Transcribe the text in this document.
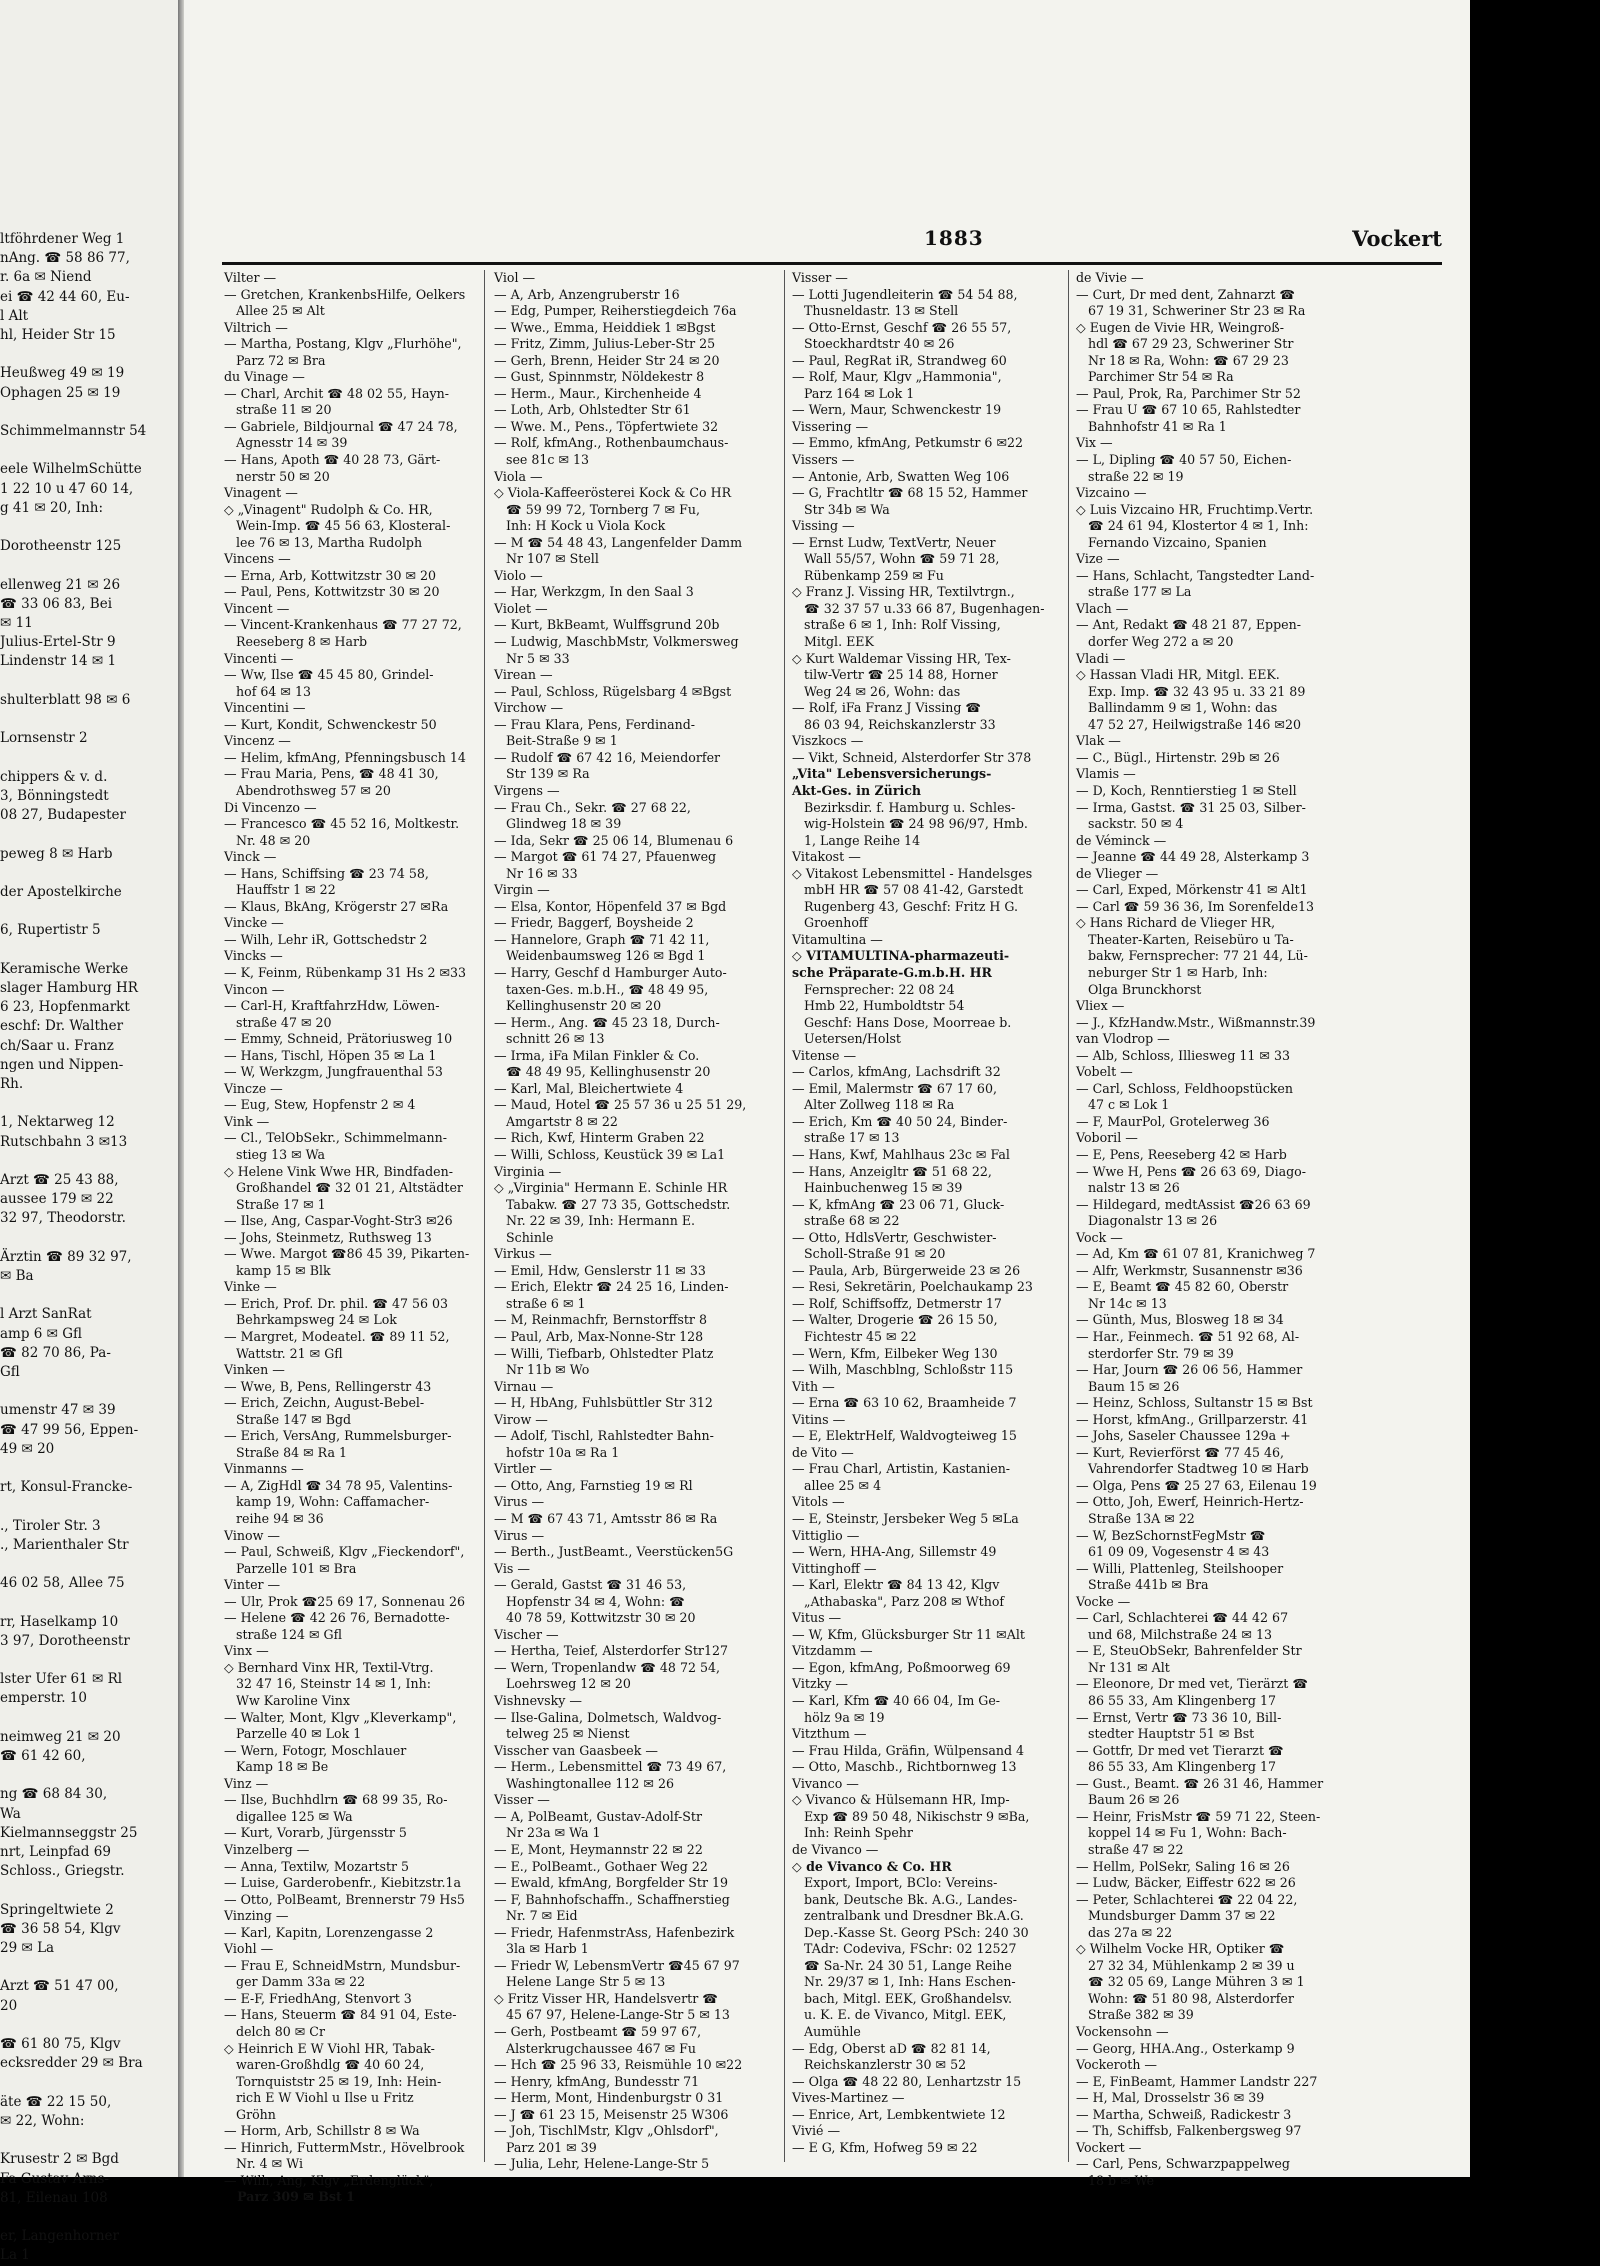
ltföhrdener Weg 1
nAng. ☎ 58 86 77,
r. 6a ✉ Niend
ei ☎ 42 44 60, Eu-
l Alt
hl, Heider Str 15

Heußweg 49 ✉ 19
Ophagen 25 ✉ 19

Schimmelmannstr 54

eele WilhelmSchütte
1 22 10 u 47 60 14,
g 41 ✉ 20, Inh:

Dorotheenstr 125

ellenweg 21 ✉ 26
☎ 33 06 83, Bei
✉ 11
Julius-Ertel-Str 9
Lindenstr 14 ✉ 1

shulterblatt 98 ✉ 6

Lornsenstr 2

chippers & v. d.
3, Bönningstedt
08 27, Budapester

peweg 8 ✉ Harb

der Apostelkirche

6, Rupertistr 5

Keramische Werke
slager Hamburg HR
6 23, Hopfenmarkt
eschf: Dr. Walther
ch/Saar u. Franz
ngen und Nippen-
Rh.

1, Nektarweg 12
Rutschbahn 3 ✉13

Arzt ☎ 25 43 88,
aussee 179 ✉ 22
32 97, Theodorstr.

Ärztin ☎ 89 32 97,
✉ Ba

l Arzt SanRat
amp 6 ✉ Gfl
☎ 82 70 86, Pa-
Gfl

umenstr 47 ✉ 39
☎ 47 99 56, Eppen-
49 ✉ 20

rt, Konsul-Francke-

., Tiroler Str. 3
., Marienthaler Str

46 02 58, Allee 75

rr, Haselkamp 10
3 97, Dorotheenstr

lster Ufer 61 ✉ Rl
emperstr. 10

neimweg 21 ✉ 20
☎ 61 42 60,

ng ☎ 68 84 30,
Wa
Kielmannseggstr 25
nrt, Leinpfad 69
Schloss., Griegstr.

Springeltwiete 2
☎ 36 58 54, Klgv
29 ✉ La

Arzt ☎ 51 47 00,
20

☎ 61 80 75, Klgv
ecksredder 29 ✉ Bra

äte ☎ 22 15 50,
✉ 22, Wohn:

Krusestr 2 ✉ Bgd
Fa Gustav Arns-
81, Eilenau 108

er, Langenhorner
La 1
1883	Vockert
Vilter —
— Gretchen, KrankenbsHilfe, Oelkers
Allee 25 ✉ Alt
Viltrich —
— Martha, Postang, Klgv „Flurhöhe",
Parz 72 ✉ Bra
du Vinage —
— Charl, Archit ☎ 48 02 55, Hayn-
straße 11 ✉ 20
— Gabriele, Bildjournal ☎ 47 24 78,
Agnesstr 14 ✉ 39
— Hans, Apoth ☎ 40 28 73, Gärt-
nerstr 50 ✉ 20
Vinagent —
◇ „Vinagent" Rudolph & Co. HR,
Wein-Imp. ☎ 45 56 63, Klosteral-
lee 76 ✉ 13, Martha Rudolph
Vincens —
— Erna, Arb, Kottwitzstr 30 ✉ 20
— Paul, Pens, Kottwitzstr 30 ✉ 20
Vincent —
— Vincent-Krankenhaus ☎ 77 27 72,
Reeseberg 8 ✉ Harb
Vincenti —
— Ww, Ilse ☎ 45 45 80, Grindel-
hof 64 ✉ 13
Vincentini —
— Kurt, Kondit, Schwenckestr 50
Vincenz —
— Helim, kfmAng, Pfenningsbusch 14
— Frau Maria, Pens, ☎ 48 41 30,
Abendrothsweg 57 ✉ 20
Di Vincenzo —
— Francesco ☎ 45 52 16, Moltkestr.
Nr. 48 ✉ 20
Vinck —
— Hans, Schiffsing ☎ 23 74 58,
Hauffstr 1 ✉ 22
— Klaus, BkAng, Krögerstr 27 ✉Ra
Vincke —
— Wilh, Lehr iR, Gottschedstr 2
Vincks —
— K, Feinm, Rübenkamp 31 Hs 2 ✉33
Vincon —
— Carl-H, KraftfahrzHdw, Löwen-
straße 47 ✉ 20
— Emmy, Schneid, Prätoriusweg 10
— Hans, Tischl, Höpen 35 ✉ La 1
— W, Werkzgm, Jungfrauenthal 53
Vincze —
— Eug, Stew, Hopfenstr 2 ✉ 4
Vink —
— Cl., TelObSekr., Schimmelmann-
stieg 13 ✉ Wa
◇ Helene Vink Wwe HR, Bindfaden-
Großhandel ☎ 32 01 21, Altstädter
Straße 17 ✉ 1
— Ilse, Ang, Caspar-Voght-Str3 ✉26
— Johs, Steinmetz, Ruthsweg 13
— Wwe. Margot ☎86 45 39, Pikarten-
kamp 15 ✉ Blk
Vinke —
— Erich, Prof. Dr. phil. ☎ 47 56 03
Behrkampsweg 24 ✉ Lok
— Margret, Modeatel. ☎ 89 11 52,
Wattstr. 21 ✉ Gfl
Vinken —
— Wwe, B, Pens, Rellingerstr 43
— Erich, Zeichn, August-Bebel-
Straße 147 ✉ Bgd
— Erich, VersAng, Rummelsburger-
Straße 84 ✉ Ra 1
Vinmanns —
— A, ZigHdl ☎ 34 78 95, Valentins-
kamp 19, Wohn: Caffamacher-
reihe 94 ✉ 36
Vinow —
— Paul, Schweiß, Klgv „Fieckendorf",
Parzelle 101 ✉ Bra
Vinter —
— Ulr, Prok ☎25 69 17, Sonnenau 26
— Helene ☎ 42 26 76, Bernadotte-
straße 124 ✉ Gfl
Vinx —
◇ Bernhard Vinx HR, Textil-Vtrg.
32 47 16, Steinstr 14 ✉ 1, Inh:
Ww Karoline Vinx
— Walter, Mont, Klgv „Kleverkamp",
Parzelle 40 ✉ Lok 1
— Wern, Fotogr, Moschlauer
Kamp 18 ✉ Be
Vinz —
— Ilse, Buchhdlrn ☎ 68 99 35, Ro-
digallee 125 ✉ Wa
— Kurt, Vorarb, Jürgensstr 5
Vinzelberg —
— Anna, Textilw, Mozartstr 5
— Luise, Garderobenfr., Kiebitzstr.1a
— Otto, PolBeamt, Brennerstr 79 Hs5
Vinzing —
— Karl, Kapitn, Lorenzengasse 2
Viohl —
— Frau E, SchneidMstrn, Mundsbur-
ger Damm 33a ✉ 22
— E-F, FriedhAng, Stenvort 3
— Hans, Steuerm ☎ 84 91 04, Este-
delch 80 ✉ Cr
◇ Heinrich E W Viohl HR, Tabak-
waren-Großhdlg ☎ 40 60 24,
Tornquiststr 25 ✉ 19, Inh: Hein-
rich E W Viohl u Ilse u Fritz
Gröhn
— Horm, Arb, Schillstr 8 ✉ Wa
— Hinrich, FuttermMstr., Hövelbrook
Nr. 4 ✉ Wi
— Wilh, Ang, Klgv „Erdenglück",
Parz 309 ✉ Bst 1
Viol —
— A, Arb, Anzengruberstr 16
— Edg, Pumper, Reiherstiegdeich 76a
— Wwe., Emma, Heiddiek 1 ✉Bgst
— Fritz, Zimm, Julius-Leber-Str 25
— Gerh, Brenn, Heider Str 24 ✉ 20
— Gust, Spinnmstr, Nöldekestr 8
— Herm., Maur., Kirchenheide 4
— Loth, Arb, Ohlstedter Str 61
— Wwe. M., Pens., Töpfertwiete 32
— Rolf, kfmAng., Rothenbaumchaus-
see 81c ✉ 13
Viola —
◇ Viola-Kaffeerösterei Kock & Co HR
☎ 59 99 72, Tornberg 7 ✉ Fu,
Inh: H Kock u Viola Kock
— M ☎ 54 48 43, Langenfelder Damm
Nr 107 ✉ Stell
Violo —
— Har, Werkzgm, In den Saal 3
Violet —
— Kurt, BkBeamt, Wulffsgrund 20b
— Ludwig, MaschbMstr, Volkmersweg
Nr 5 ✉ 33
Virean —
— Paul, Schloss, Rügelsbarg 4 ✉Bgst
Virchow —
— Frau Klara, Pens, Ferdinand-
Beit-Straße 9 ✉ 1
— Rudolf ☎ 67 42 16, Meiendorfer
Str 139 ✉ Ra
Virgens —
— Frau Ch., Sekr. ☎ 27 68 22,
Glindweg 18 ✉ 39
— Ida, Sekr ☎ 25 06 14, Blumenau 6
— Margot ☎ 61 74 27, Pfauenweg
Nr 16 ✉ 33
Virgin —
— Elsa, Kontor, Höpenfeld 37 ✉ Bgd
— Friedr, Baggerf, Boysheide 2
— Hannelore, Graph ☎ 71 42 11,
Weidenbaumsweg 126 ✉ Bgd 1
— Harry, Geschf d Hamburger Auto-
taxen-Ges. m.b.H., ☎ 48 49 95,
Kellinghusenstr 20 ✉ 20
— Herm., Ang. ☎ 45 23 18, Durch-
schnitt 26 ✉ 13
— Irma, iFa Milan Finkler & Co.
☎ 48 49 95, Kellinghusenstr 20
— Karl, Mal, Bleichertwiete 4
— Maud, Hotel ☎ 25 57 36 u 25 51 29,
Amgartstr 8 ✉ 22
— Rich, Kwf, Hinterm Graben 22
— Willi, Schloss, Keustück 39 ✉ La1
Virginia —
◇ „Virginia" Hermann E. Schinle HR
Tabakw. ☎ 27 73 35, Gottschedstr.
Nr. 22 ✉ 39, Inh: Hermann E.
Schinle
Virkus —
— Emil, Hdw, Genslerstr 11 ✉ 33
— Erich, Elektr ☎ 24 25 16, Linden-
straße 6 ✉ 1
— M, Reinmachfr, Bernstorffstr 8
— Paul, Arb, Max-Nonne-Str 128
— Willi, Tiefbarb, Ohlstedter Platz
Nr 11b ✉ Wo
Virnau —
— H, HbAng, Fuhlsbüttler Str 312
Virow —
— Adolf, Tischl, Rahlstedter Bahn-
hofstr 10a ✉ Ra 1
Virtler —
— Otto, Ang, Farnstieg 19 ✉ Rl
Virus —
— M ☎ 67 43 71, Amtsstr 86 ✉ Ra
Virus —
— Berth., JustBeamt., Veerstücken5G
Vis —
— Gerald, Gastst ☎ 31 46 53,
Hopfenstr 34 ✉ 4, Wohn: ☎
40 78 59, Kottwitzstr 30 ✉ 20
Vischer —
— Hertha, Teief, Alsterdorfer Str127
— Wern, Tropenlandw ☎ 48 72 54,
Loehrsweg 12 ✉ 20
Vishnevsky —
— Ilse-Galina, Dolmetsch, Waldvog-
telweg 25 ✉ Nienst
Visscher van Gaasbeek —
— Herm., Lebensmittel ☎ 73 49 67,
Washingtonallee 112 ✉ 26
Visser —
— A, PolBeamt, Gustav-Adolf-Str
Nr 23a ✉ Wa 1
— E, Mont, Heymannstr 22 ✉ 22
— E., PolBeamt., Gothaer Weg 22
— Ewald, kfmAng, Borgfelder Str 19
— F, Bahnhofschaffn., Schaffnerstieg
Nr. 7 ✉ Eid
— Friedr, HafenmstrAss, Hafenbezirk
3la ✉ Harb 1
— Friedr W, LebensmVertr ☎45 67 97
Helene Lange Str 5 ✉ 13
◇ Fritz Visser HR, Handelsvertr ☎
45 67 97, Helene-Lange-Str 5 ✉ 13
— Gerh, Postbeamt ☎ 59 97 67,
Alsterkrugchaussee 467 ✉ Fu
— Hch ☎ 25 96 33, Reismühle 10 ✉22
— Henry, kfmAng, Bundesstr 71
— Herm, Mont, Hindenburgstr 0 31
— J ☎ 61 23 15, Meisenstr 25 W306
— Joh, TischlMstr, Klgv „Ohlsdorf",
Parz 201 ✉ 39
— Julia, Lehr, Helene-Lange-Str 5
Visser —
— Lotti Jugendleiterin ☎ 54 54 88,
Thusneldastr. 13 ✉ Stell
— Otto-Ernst, Geschf ☎ 26 55 57,
Stoeckhardtstr 40 ✉ 26
— Paul, RegRat iR, Strandweg 60
— Rolf, Maur, Klgv „Hammonia",
Parz 164 ✉ Lok 1
— Wern, Maur, Schwenckestr 19
Vissering —
— Emmo, kfmAng, Petkumstr 6 ✉22
Vissers —
— Antonie, Arb, Swatten Weg 106
— G, Frachtltr ☎ 68 15 52, Hammer
Str 34b ✉ Wa
Vissing —
— Ernst Ludw, TextVertr, Neuer
Wall 55/57, Wohn ☎ 59 71 28,
Rübenkamp 259 ✉ Fu
◇ Franz J. Vissing HR, Textilvtrgn.,
☎ 32 37 57 u.33 66 87, Bugenhagen-
straße 6 ✉ 1, Inh: Rolf Vissing,
Mitgl. EEK
◇ Kurt Waldemar Vissing HR, Tex-
tilw-Vertr ☎ 25 14 88, Horner
Weg 24 ✉ 26, Wohn: das
— Rolf, iFa Franz J Vissing ☎
86 03 94, Reichskanzlerstr 33
Viszkocs —
— Vikt, Schneid, Alsterdorfer Str 378
„Vita" Lebensversicherungs-
Akt-Ges. in Zürich
Bezirksdir. f. Hamburg u. Schles-
wig-Holstein ☎ 24 98 96/97, Hmb.
1, Lange Reihe 14
Vitakost —
◇ Vitakost Lebensmittel - Handelsges
mbH HR ☎ 57 08 41-42, Garstedt
Rugenberg 43, Geschf: Fritz H G.
Groenhoff
Vitamultina —
◇ VITAMULTINA-pharmazeuti-
sche Präparate-G.m.b.H. HR
Fernsprecher: 22 08 24
Hmb 22, Humboldtstr 54
Geschf: Hans Dose, Moorreae b.
Uetersen/Holst
Vitense —
— Carlos, kfmAng, Lachsdrift 32
— Emil, Malermstr ☎ 67 17 60,
Alter Zollweg 118 ✉ Ra
— Erich, Km ☎ 40 50 24, Binder-
straße 17 ✉ 13
— Hans, Kwf, Mahlhaus 23c ✉ Fal
— Hans, Anzeigltr ☎ 51 68 22,
Hainbuchenweg 15 ✉ 39
— K, kfmAng ☎ 23 06 71, Gluck-
straße 68 ✉ 22
— Otto, HdlsVertr, Geschwister-
Scholl-Straße 91 ✉ 20
— Paula, Arb, Bürgerweide 23 ✉ 26
— Resi, Sekretärin, Poelchaukamp 23
— Rolf, Schiffsoffz, Detmerstr 17
— Walter, Drogerie ☎ 26 15 50,
Fichtestr 45 ✉ 22
— Wern, Kfm, Eilbeker Weg 130
— Wilh, Maschblng, Schloßstr 115
Vith —
— Erna ☎ 63 10 62, Braamheide 7
Vitins —
— E, ElektrHelf, Waldvogteiweg 15
de Vito —
— Frau Charl, Artistin, Kastanien-
allee 25 ✉ 4
Vitols —
— E, Steinstr, Jersbeker Weg 5 ✉La
Vittiglio —
— Wern, HHA-Ang, Sillemstr 49
Vittinghoff —
— Karl, Elektr ☎ 84 13 42, Klgv
„Athabaska", Parz 208 ✉ Wthof
Vitus —
— W, Kfm, Glücksburger Str 11 ✉Alt
Vitzdamm —
— Egon, kfmAng, Poßmoorweg 69
Vitzky —
— Karl, Kfm ☎ 40 66 04, Im Ge-
hölz 9a ✉ 19
Vitzthum —
— Frau Hilda, Gräfin, Wülpensand 4
— Otto, Maschb., Richtbornweg 13
Vivanco —
◇ Vivanco & Hülsemann HR, Imp-
Exp ☎ 89 50 48, Nikischstr 9 ✉Ba,
Inh: Reinh Spehr
de Vivanco —
◇ de Vivanco & Co. HR
Export, Import, BClo: Vereins-
bank, Deutsche Bk. A.G., Landes-
zentralbank und Dresdner Bk.A.G.
Dep.-Kasse St. Georg PSch: 240 30
TAdr: Codeviva, FSchr: 02 12527
☎ Sa-Nr. 24 30 51, Lange Reihe
Nr. 29/37 ✉ 1, Inh: Hans Eschen-
bach, Mitgl. EEK, Großhandelsv.
u. K. E. de Vivanco, Mitgl. EEK,
Aumühle
— Edg, Oberst aD ☎ 82 81 14,
Reichskanzlerstr 30 ✉ 52
— Olga ☎ 48 22 80, Lenhartzstr 15
Vives-Martinez —
— Enrice, Art, Lembkentwiete 12
Vivié —
— E G, Kfm, Hofweg 59 ✉ 22
de Vivie —
— Curt, Dr med dent, Zahnarzt ☎
67 19 31, Schweriner Str 23 ✉ Ra
◇ Eugen de Vivie HR, Weingroß-
hdl ☎ 67 29 23, Schweriner Str
Nr 18 ✉ Ra, Wohn: ☎ 67 29 23
Parchimer Str 54 ✉ Ra
— Paul, Prok, Ra, Parchimer Str 52
— Frau U ☎ 67 10 65, Rahlstedter
Bahnhofstr 41 ✉ Ra 1
Vix —
— L, Dipling ☎ 40 57 50, Eichen-
straße 22 ✉ 19
Vizcaino —
◇ Luis Vizcaino HR, Fruchtimp.Vertr.
☎ 24 61 94, Klostertor 4 ✉ 1, Inh:
Fernando Vizcaino, Spanien
Vize —
— Hans, Schlacht, Tangstedter Land-
straße 177 ✉ La
Vlach —
— Ant, Redakt ☎ 48 21 87, Eppen-
dorfer Weg 272 a ✉ 20
Vladi —
◇ Hassan Vladi HR, Mitgl. EEK.
Exp. Imp. ☎ 32 43 95 u. 33 21 89
Ballindamm 9 ✉ 1, Wohn: das
47 52 27, Heilwigstraße 146 ✉20
Vlak —
— C., Bügl., Hirtenstr. 29b ✉ 26
Vlamis —
— D, Koch, Renntierstieg 1 ✉ Stell
— Irma, Gastst. ☎ 31 25 03, Silber-
sackstr. 50 ✉ 4
de Véminck —
— Jeanne ☎ 44 49 28, Alsterkamp 3
de Vlieger —
— Carl, Exped, Mörkenstr 41 ✉ Alt1
— Carl ☎ 59 36 36, Im Sorenfelde13
◇ Hans Richard de Vlieger HR,
Theater-Karten, Reisebüro u Ta-
bakw, Fernsprecher: 77 21 44, Lü-
neburger Str 1 ✉ Harb, Inh:
Olga Brunckhorst
Vliex —
— J., KfzHandw.Mstr., Wißmannstr.39
van Vlodrop —
— Alb, Schloss, Illiesweg 11 ✉ 33
Vobelt —
— Carl, Schloss, Feldhoopstücken
47 c ✉ Lok 1
— F, MaurPol, Grotelerweg 36
Voboril —
— E, Pens, Reeseberg 42 ✉ Harb
— Wwe H, Pens ☎ 26 63 69, Diago-
nalstr 13 ✉ 26
— Hildegard, medtAssist ☎26 63 69
Diagonalstr 13 ✉ 26
Vock —
— Ad, Km ☎ 61 07 81, Kranichweg 7
— Alfr, Werkmstr, Susannenstr ✉36
— E, Beamt ☎ 45 82 60, Oberstr
Nr 14c ✉ 13
— Günth, Mus, Blosweg 18 ✉ 34
— Har., Feinmech. ☎ 51 92 68, Al-
sterdorfer Str. 79 ✉ 39
— Har, Journ ☎ 26 06 56, Hammer
Baum 15 ✉ 26
— Heinz, Schloss, Sultanstr 15 ✉ Bst
— Horst, kfmAng., Grillparzerstr. 41
— Johs, Saseler Chaussee 129a +
— Kurt, Revierförst ☎ 77 45 46,
Vahrendorfer Stadtweg 10 ✉ Harb
— Olga, Pens ☎ 25 27 63, Eilenau 19
— Otto, Joh, Ewerf, Heinrich-Hertz-
Straße 13A ✉ 22
— W, BezSchornstFegMstr ☎
61 09 09, Vogesenstr 4 ✉ 43
— Willi, Plattenleg, Steilshooper
Straße 441b ✉ Bra
Vocke —
— Carl, Schlachterei ☎ 44 42 67
und 68, Milchstraße 24 ✉ 13
— E, SteuObSekr, Bahrenfelder Str
Nr 131 ✉ Alt
— Eleonore, Dr med vet, Tierärzt ☎
86 55 33, Am Klingenberg 17
— Ernst, Vertr ☎ 73 36 10, Bill-
stedter Hauptstr 51 ✉ Bst
— Gottfr, Dr med vet Tierarzt ☎
86 55 33, Am Klingenberg 17
— Gust., Beamt. ☎ 26 31 46, Hammer
Baum 26 ✉ 26
— Heinr, FrisMstr ☎ 59 71 22, Steen-
koppel 14 ✉ Fu 1, Wohn: Bach-
straße 47 ✉ 22
— Hellm, PolSekr, Saling 16 ✉ 26
— Ludw, Bäcker, Eiffestr 622 ✉ 26
— Peter, Schlachterei ☎ 22 04 22,
Mundsburger Damm 37 ✉ 22
das 27a ✉ 22
◇ Wilhelm Vocke HR, Optiker ☎
27 32 34, Mühlenkamp 2 ✉ 39 u
☎ 32 05 69, Lange Mühren 3 ✉ 1
Wohn: ☎ 51 80 98, Alsterdorfer
Straße 382 ✉ 39
Vockensohn —
— Georg, HHA.Ang., Osterkamp 9
Vockeroth —
— E, FinBeamt, Hammer Landstr 227
— H, Mal, Drosselstr 36 ✉ 39
— Martha, Schweiß, Radickestr 3
— Th, Schiffsb, Falkenbergsweg 97
Vockert —
— Carl, Pens, Schwarzpappelweg
18 b ✉ We
